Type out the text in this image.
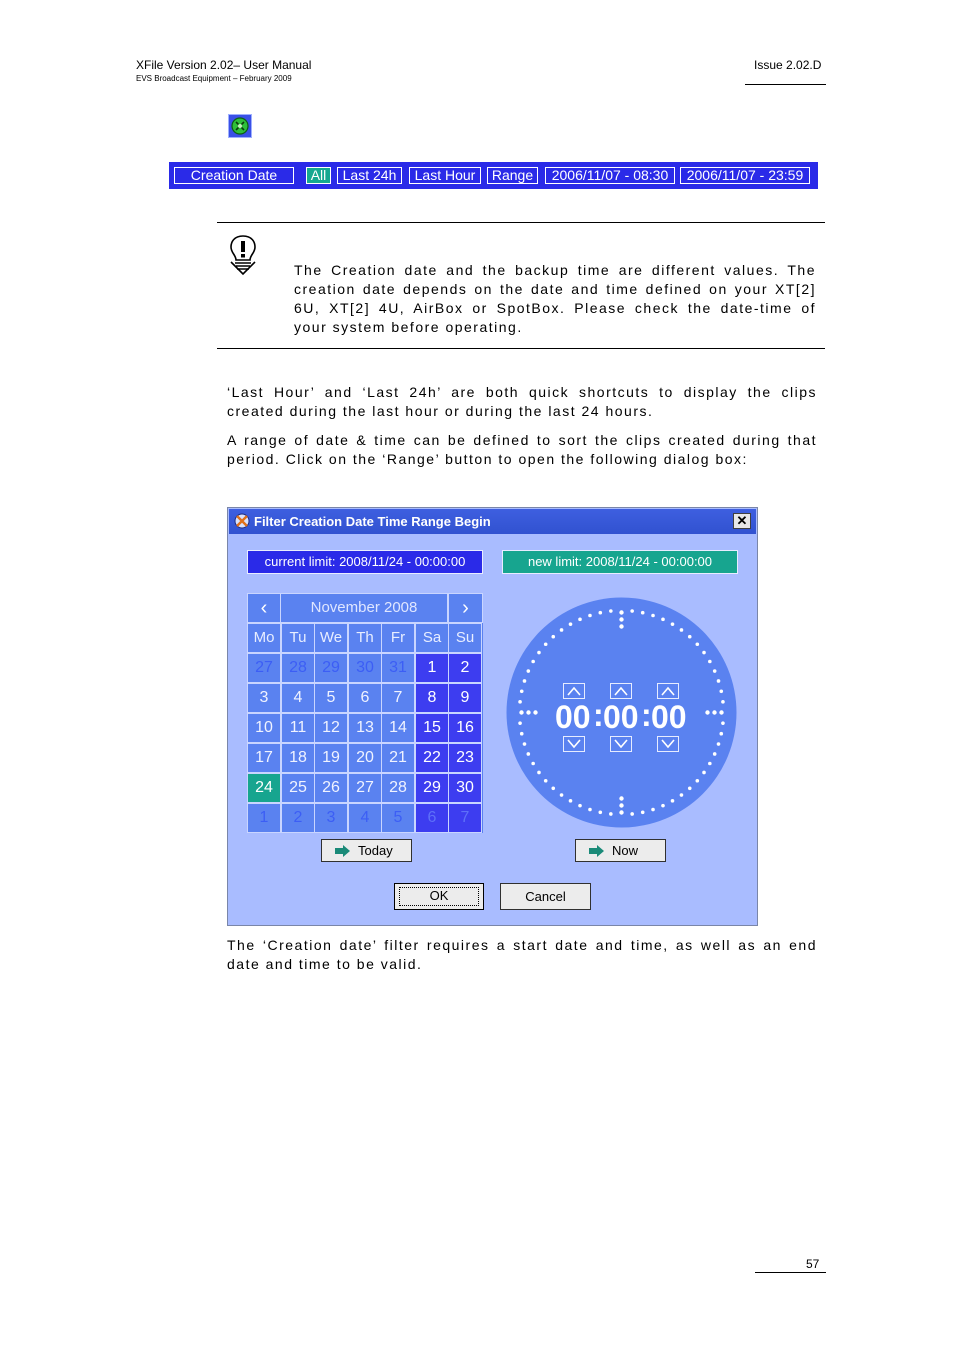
XFile Version 2.02– User Manual
EVS Broadcast Equipment – February 2009
Issue 2.02.D
Creation Date	All	Last 24h	Last Hour	Range	2006/11/07 - 08:30	2006/11/07 - 23:59
The Creation date and the backup time are different values. The creation date depends on the date and time defined on your XT[2] 6U, XT[2] 4U, AirBox or SpotBox. Please check the date-time of your system before operating.
‘Last Hour’ and ‘Last 24h’ are both quick shortcuts to display the clips created during the last hour or during the last 24 hours.
A range of date & time can be defined to sort the clips created during that period. Click on the ‘Range’ button to open the following dialog box:
Filter Creation Date Time Range Begin	✕
current limit: 2008/11/24 - 00:00:00	new limit: 2008/11/24 - 00:00:00
‹	November 2008	›
Mo	Tu We Th	Fr	Sa Su
27	28 29	30 31	1	2
3	4	5	6	7	8	9
10	11 12	13 14	15 16
17	18 19	20 21	22 23
24	25 26	27 28	29 30
1	2	3	4	5	6	7
00 : 00 : 00
Today	Now
OK	Cancel
The ‘Creation date’ filter requires a start date and time, as well as an end date and time to be valid.
57
